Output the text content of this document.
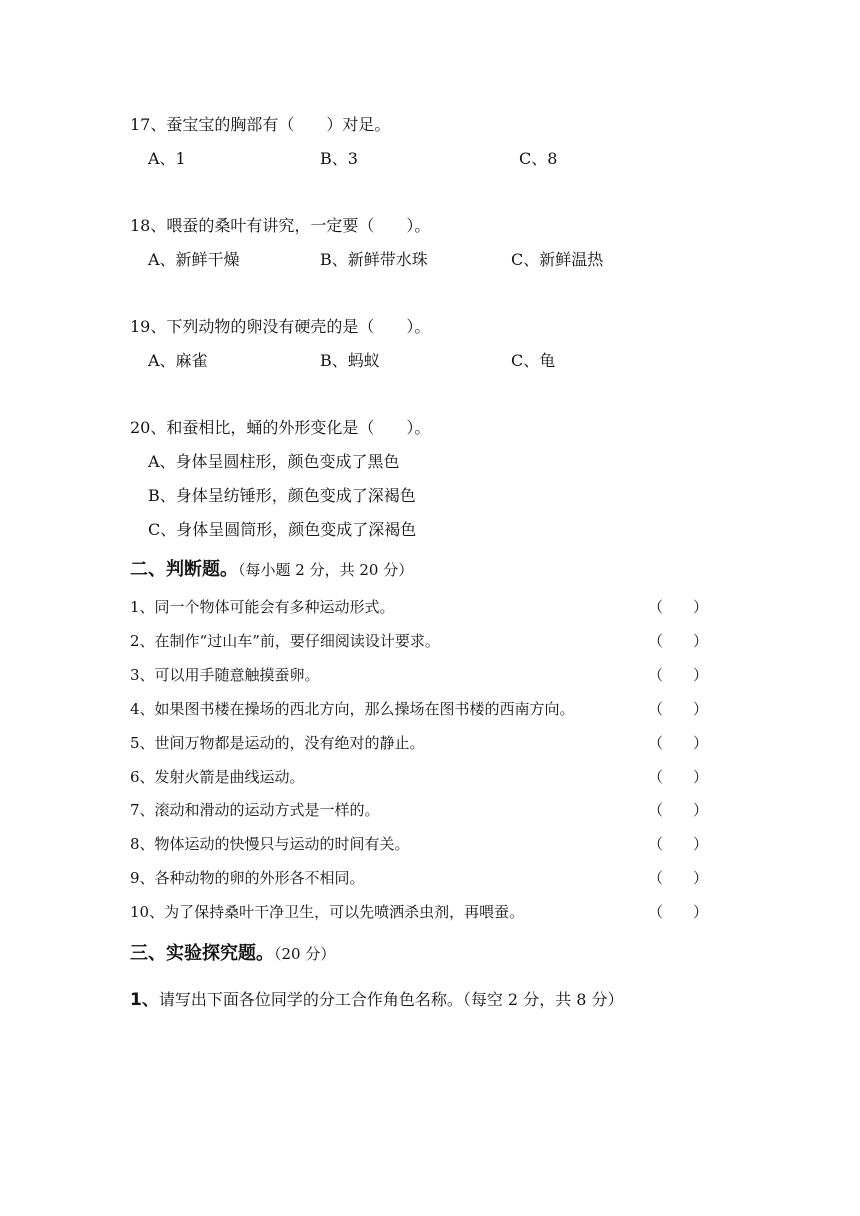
17、蚕宝宝的胸部有（　　）对足。
A、1	B、3	C、8
18、喂蚕的桑叶有讲究，一定要（　　）。
A、新鲜干燥	B、新鲜带水珠	C、新鲜温热
19、下列动物的卵没有硬壳的是（　　）。
A、麻雀	B、蚂蚁	C、龟
20、和蚕相比，蛹的外形变化是（　　）。
A、身体呈圆柱形，颜色变成了黑色
B、身体呈纺锤形，颜色变成了深褐色
C、身体呈圆筒形，颜色变成了深褐色
二、判断题。（每小题 2 分，共 20 分）
1、同一个物体可能会有多种运动形式。	（　　）
2、在制作“过山车”前，要仔细阅读设计要求。	（　　）
3、可以用手随意触摸蚕卵。	（　　）
4、如果图书楼在操场的西北方向，那么操场在图书楼的西南方向。	（　　）
5、世间万物都是运动的，没有绝对的静止。	（　　）
6、发射火箭是曲线运动。	（　　）
7、滚动和滑动的运动方式是一样的。	（　　）
8、物体运动的快慢只与运动的时间有关。	（　　）
9、各种动物的卵的外形各不相同。	（　　）
10、为了保持桑叶干净卫生，可以先喷洒杀虫剂，再喂蚕。	（　　）
三、实验探究题。（20 分）
1、请写出下面各位同学的分工合作角色名称。（每空 2 分，共 8 分）
